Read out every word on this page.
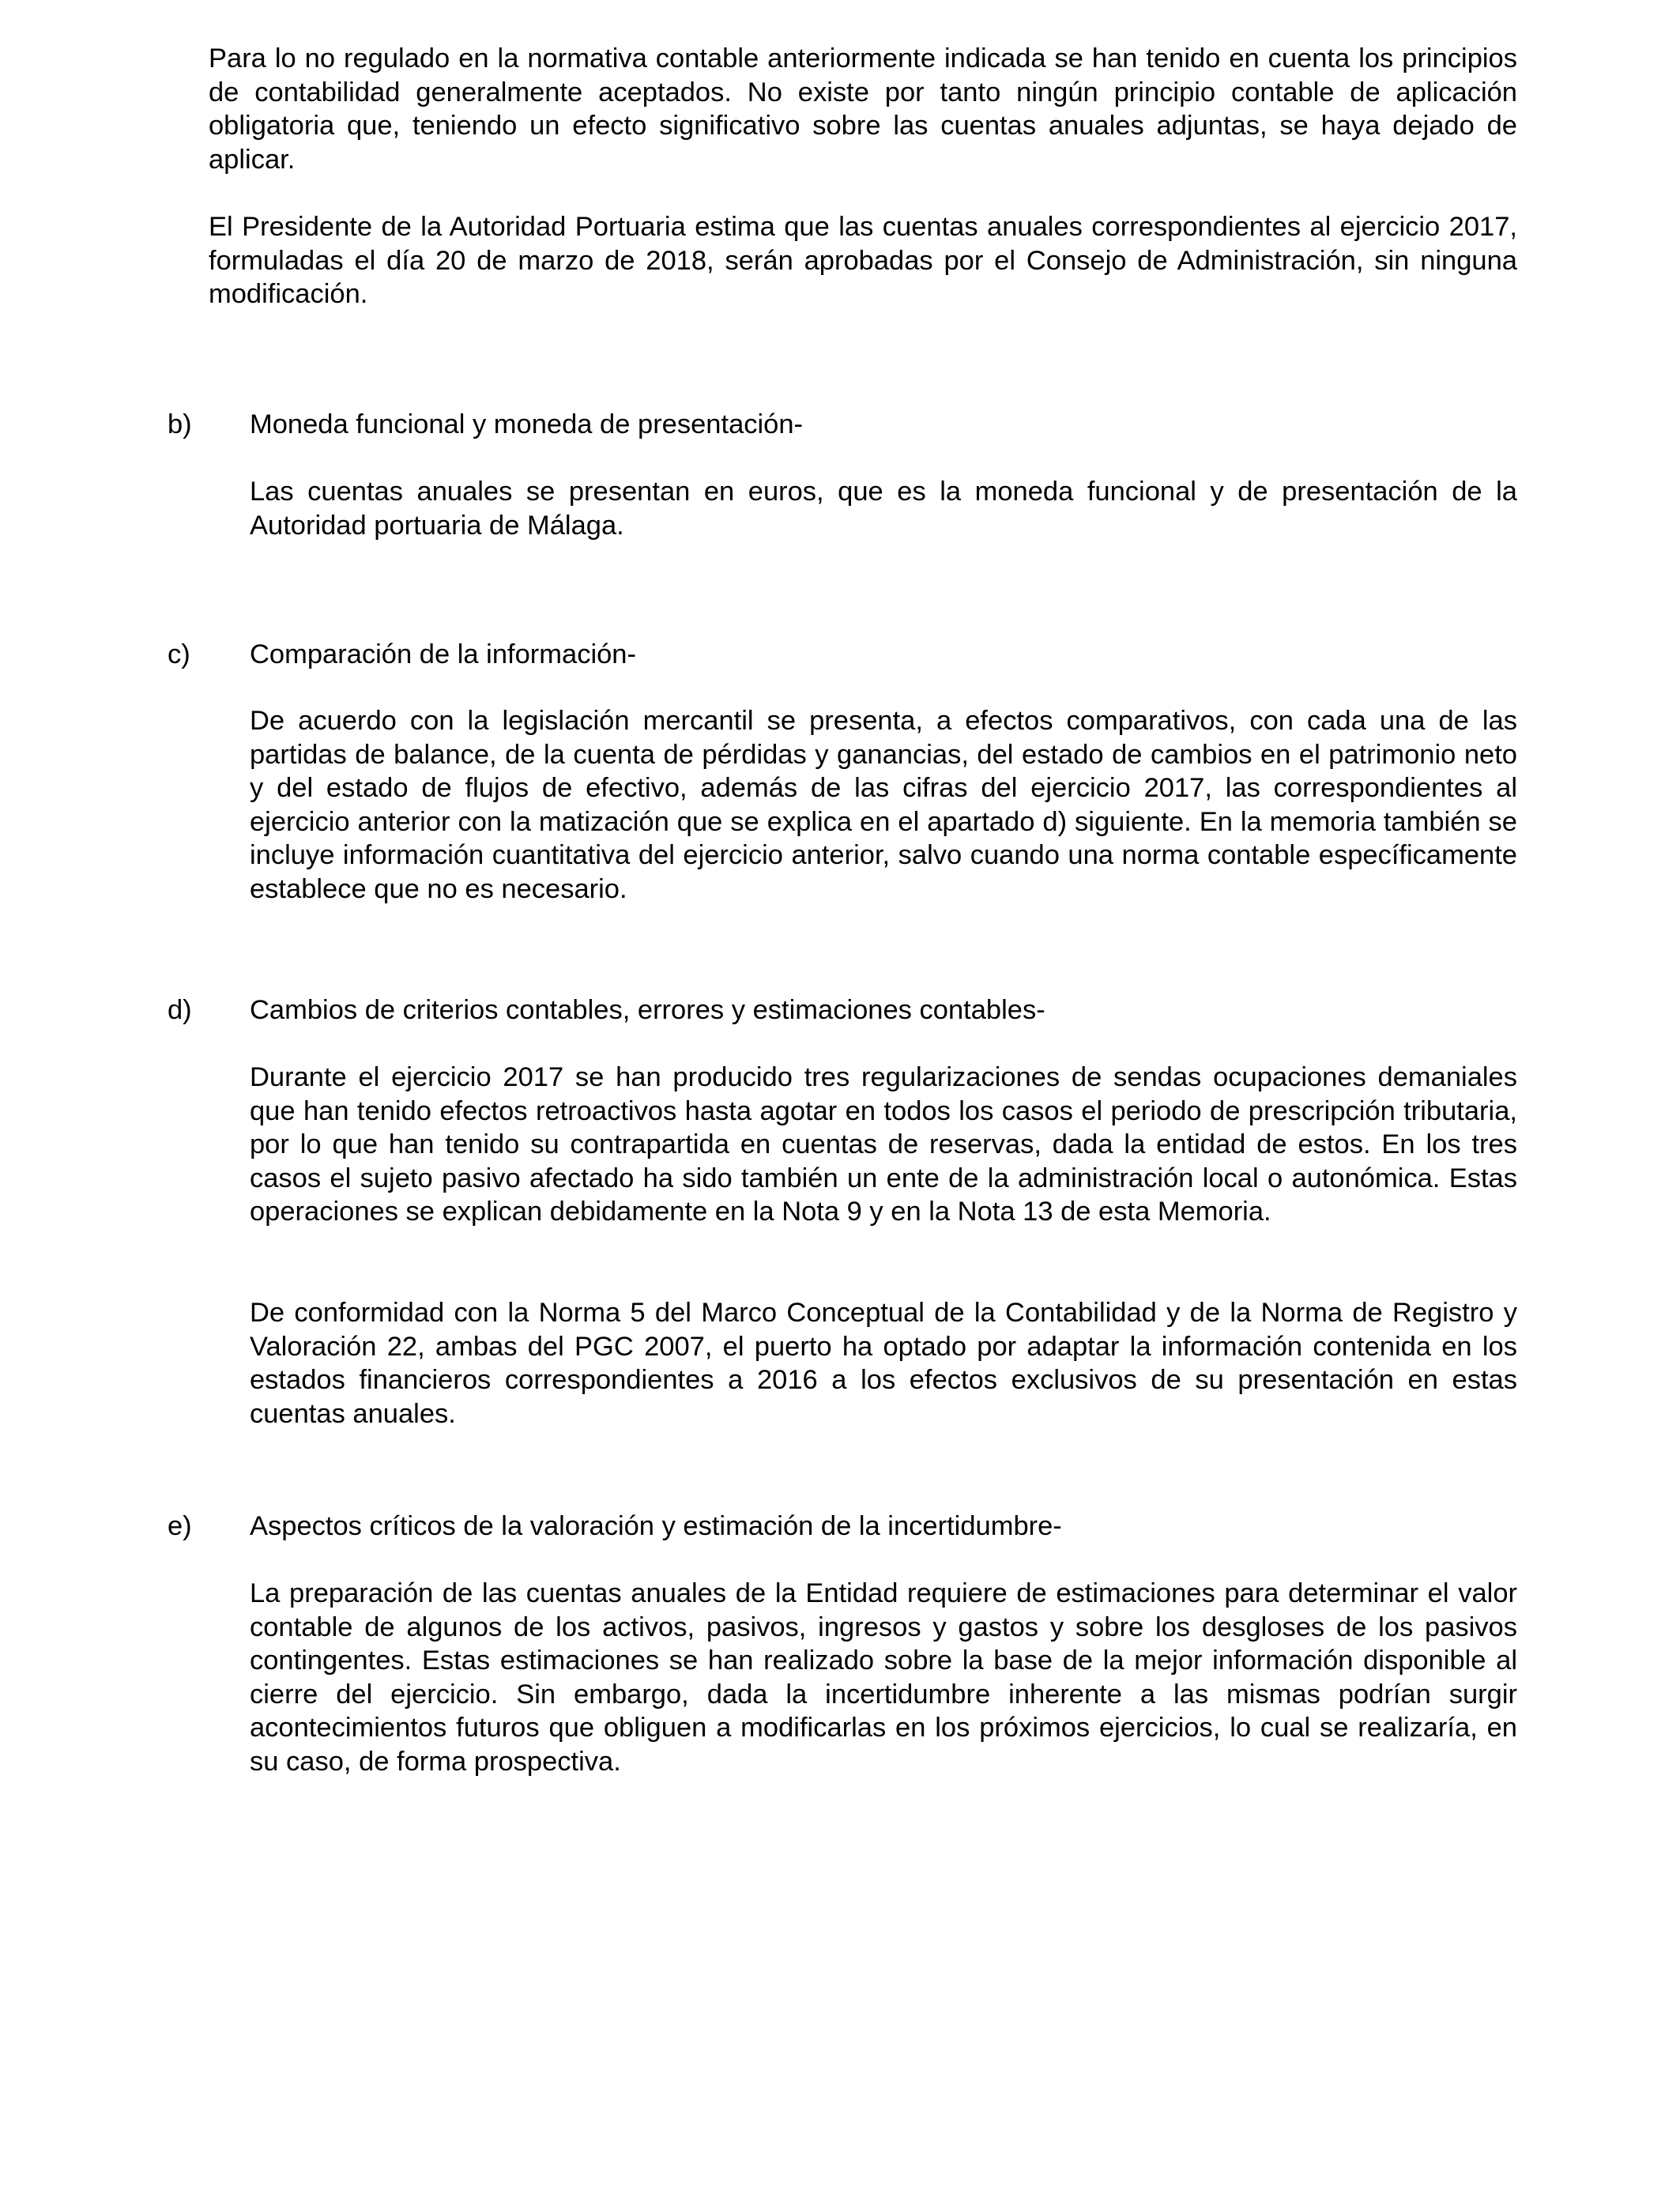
Para lo no regulado en la normativa contable anteriormente indicada se han tenido en cuenta los principios de contabilidad generalmente aceptados. No existe por tanto ningún principio contable de aplicación obligatoria que, teniendo un efecto significativo sobre las cuentas anuales adjuntas, se haya dejado de aplicar.

El Presidente de la Autoridad Portuaria estima que las cuentas anuales correspondientes al ejercicio 2017, formuladas el día 20 de marzo de 2018, serán aprobadas por el Consejo de Administración, sin ninguna modificación.

b) Moneda funcional y moneda de presentación-

Las cuentas anuales se presentan en euros, que es la moneda funcional y de presentación de la Autoridad portuaria de Málaga.

c) Comparación de la información-

De acuerdo con la legislación mercantil se presenta, a efectos comparativos, con cada una de las partidas de balance, de la cuenta de pérdidas y ganancias, del estado de cambios en el patrimonio neto y del estado de flujos de efectivo, además de las cifras del ejercicio 2017, las correspondientes al ejercicio anterior con la matización que se explica en el apartado d) siguiente. En la memoria también se incluye información cuantitativa del ejercicio anterior, salvo cuando una norma contable específicamente establece que no es necesario.

d) Cambios de criterios contables, errores y estimaciones contables-

Durante el ejercicio 2017 se han producido tres regularizaciones de sendas ocupaciones demaniales que han tenido efectos retroactivos hasta agotar en todos los casos el periodo de prescripción tributaria, por lo que han tenido su contrapartida en cuentas de reservas, dada la entidad de estos. En los tres casos el sujeto pasivo afectado ha sido también un ente de la administración local o autonómica. Estas operaciones se explican debidamente en la Nota 9 y en la Nota 13 de esta Memoria.

De conformidad con la Norma 5 del Marco Conceptual de la Contabilidad y de la Norma de Registro y Valoración 22, ambas del PGC 2007, el puerto ha optado por adaptar la información contenida en los estados financieros correspondientes a 2016 a los efectos exclusivos de su presentación en estas cuentas anuales.

e) Aspectos críticos de la valoración y estimación de la incertidumbre-

La preparación de las cuentas anuales de la Entidad requiere de estimaciones para determinar el valor contable de algunos de los activos, pasivos, ingresos y gastos y sobre los desgloses de los pasivos contingentes. Estas estimaciones se han realizado sobre la base de la mejor información disponible al cierre del ejercicio. Sin embargo, dada la incertidumbre inherente a las mismas podrían surgir acontecimientos futuros que obliguen a modificarlas en los próximos ejercicios, lo cual se realizaría, en su caso, de forma prospectiva.
